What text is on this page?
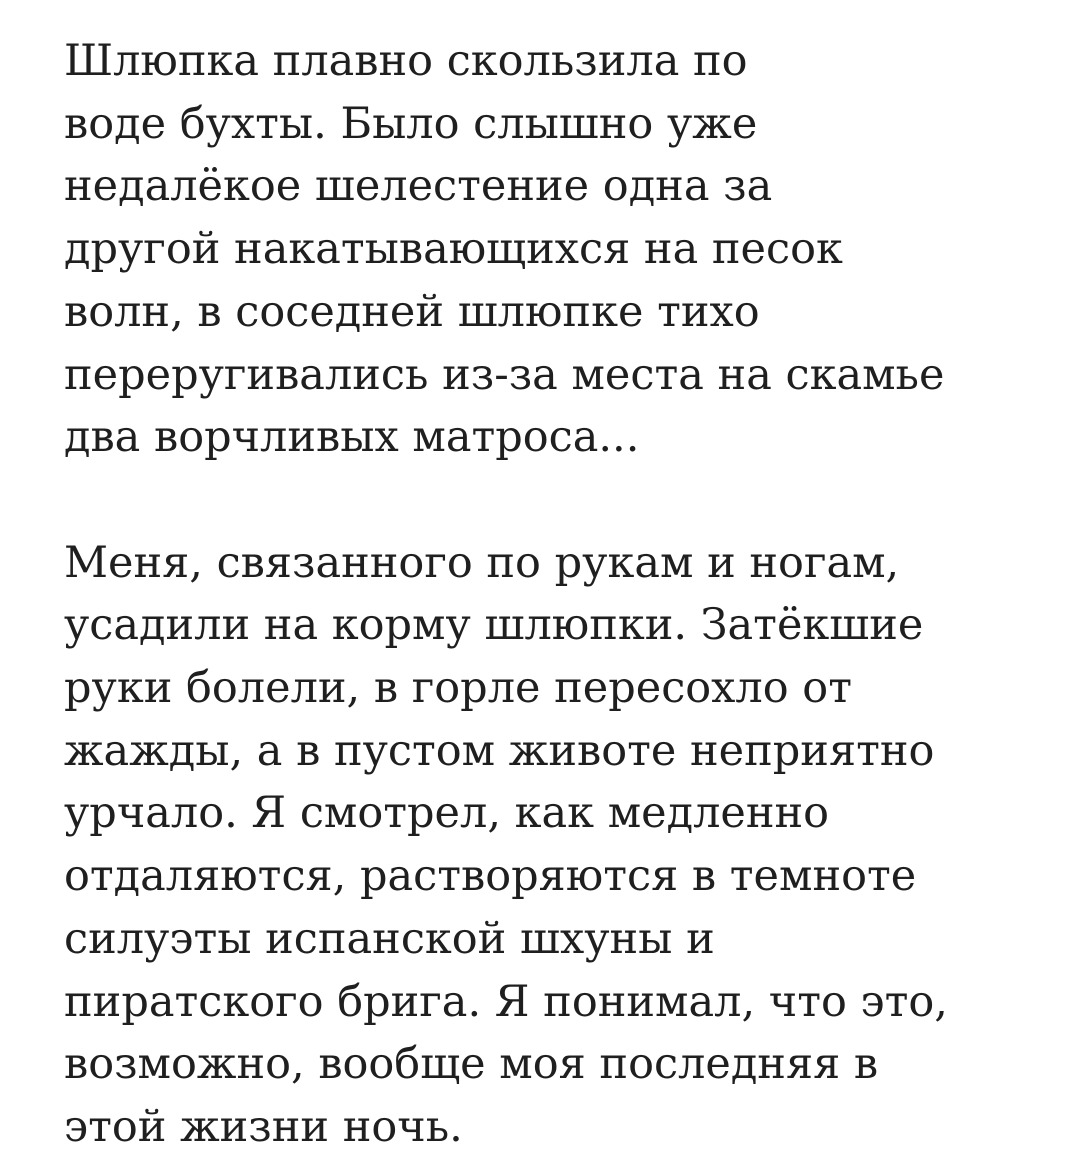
Шлюпка плавно скользила по
воде бухты. Было слышно уже
недалёкое шелестение одна за
другой накатывающихся на песок
волн, в соседней шлюпке тихо
переругивались из-за места на скамье
два ворчливых матроса...

Меня, связанного по рукам и ногам,
усадили на корму шлюпки. Затёкшие
руки болели, в горле пересохло от
жажды, а в пустом животе неприятно
урчало. Я смотрел, как медленно
отдаляются, растворяются в темноте
силуэты испанской шхуны и
пиратского брига. Я понимал, что это,
возможно, вообще моя последняя в
этой жизни ночь.
